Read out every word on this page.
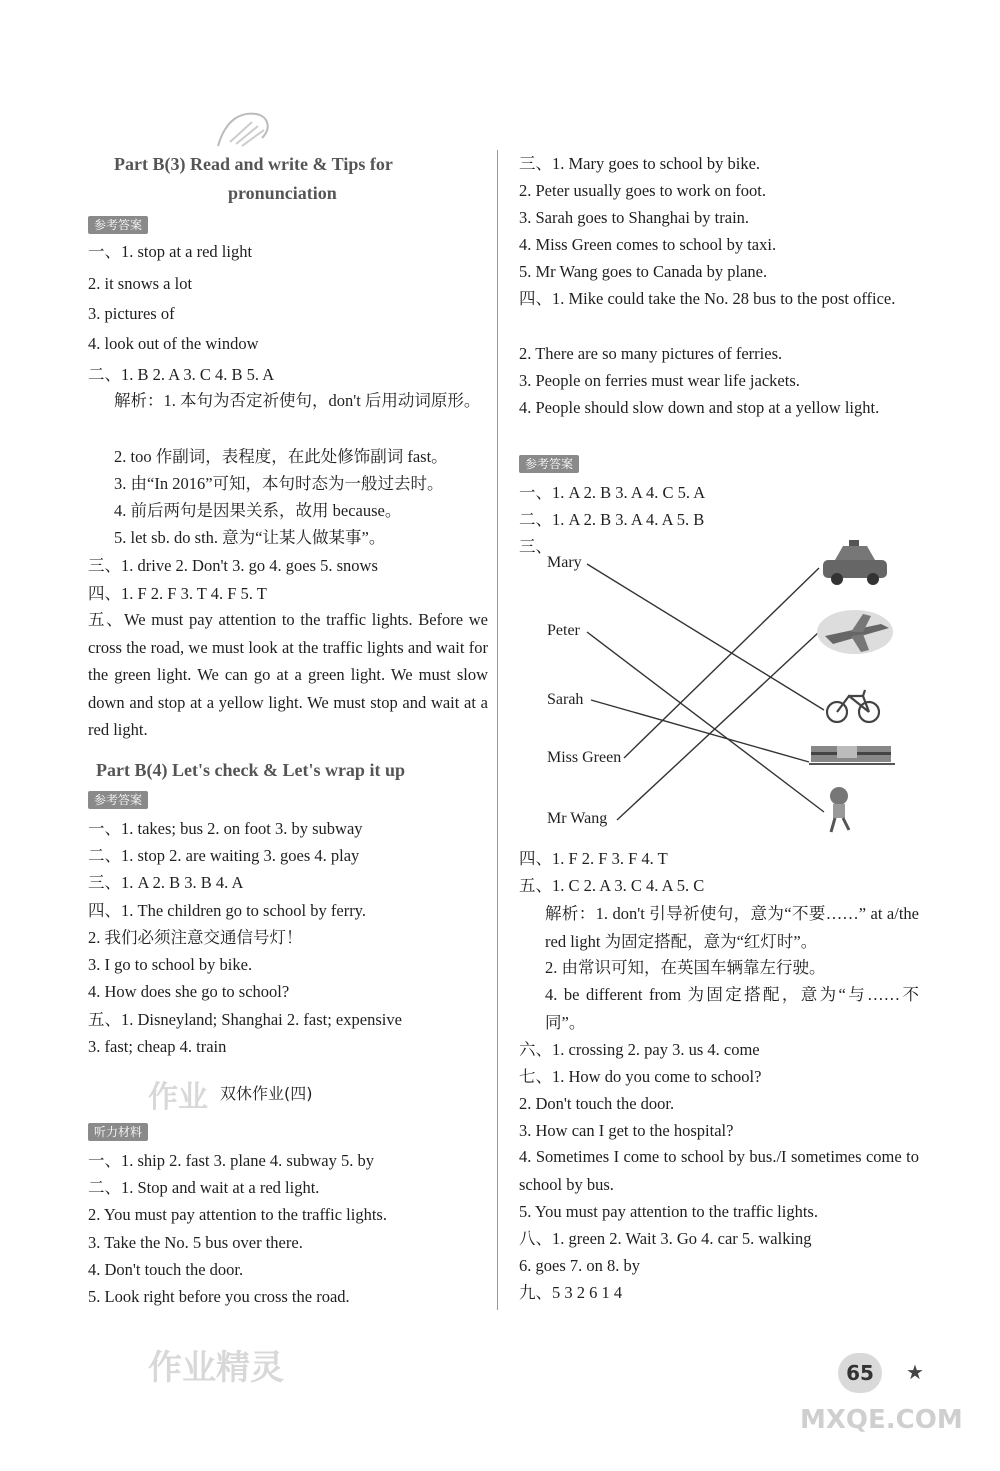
Part B(3) Read and write & Tips for
pronunciation
参考答案
一、1. stop at a red light
2. it snows a lot
3. pictures of
4. look out of the window
二、1. B 2. A 3. C 4. B 5. A
解析：1. 本句为否定祈使句，don't 后用动词原形。
2. too 作副词，表程度，在此处修饰副词 fast。
3. 由“In 2016”可知，本句时态为一般过去时。
4. 前后两句是因果关系，故用 because。
5. let sb. do sth. 意为“让某人做某事”。
三、1. drive 2. Don't 3. go 4. goes 5. snows
四、1. F 2. F 3. T 4. F 5. T
五、We must pay attention to the traffic lights. Before we cross the road, we must look at the traffic lights and wait for the green light. We can go at a green light. We must slow down and stop at a yellow light. We must stop and wait at a red light.
Part B(4) Let's check & Let's wrap it up
参考答案
一、1. takes; bus 2. on foot 3. by subway
二、1. stop 2. are waiting 3. goes 4. play
三、1. A 2. B 3. B 4. A
四、1. The children go to school by ferry.
2. 我们必须注意交通信号灯！
3. I go to school by bike.
4. How does she go to school?
五、1. Disneyland; Shanghai 2. fast; expensive
3. fast; cheap 4. train
作业 双休作业(四)
听力材料
一、1. ship 2. fast 3. plane 4. subway 5. by
二、1. Stop and wait at a red light.
2. You must pay attention to the traffic lights.
3. Take the No. 5 bus over there.
4. Don't touch the door.
5. Look right before you cross the road.
作业精灵
三、1. Mary goes to school by bike.
2. Peter usually goes to work on foot.
3. Sarah goes to Shanghai by train.
4. Miss Green comes to school by taxi.
5. Mr Wang goes to Canada by plane.
四、1. Mike could take the No. 28 bus to the post office.
2. There are so many pictures of ferries.
3. People on ferries must wear life jackets.
4. People should slow down and stop at a yellow light.
参考答案
一、1. A 2. B 3. A 4. C 5. A
二、1. A 2. B 3. A 4. A 5. B
三、
Mary
Peter
Sarah
Miss Green
Mr Wang
四、1. F 2. F 3. F 4. T
五、1. C 2. A 3. C 4. A 5. C
解析：1. don't 引导祈使句，意为“不要……” at a/the red light 为固定搭配，意为“红灯时”。
2. 由常识可知，在英国车辆靠左行驶。
4. be different from 为固定搭配，意为“与……不同”。
六、1. crossing 2. pay 3. us 4. come
七、1. How do you come to school?
2. Don't touch the door.
3. How can I get to the hospital?
4. Sometimes I come to school by bus./I sometimes come to school by bus.
5. You must pay attention to the traffic lights.
八、1. green 2. Wait 3. Go 4. car 5. walking
6. goes 7. on 8. by
九、5 3 2 6 1 4
65	★
MXQE.COM
